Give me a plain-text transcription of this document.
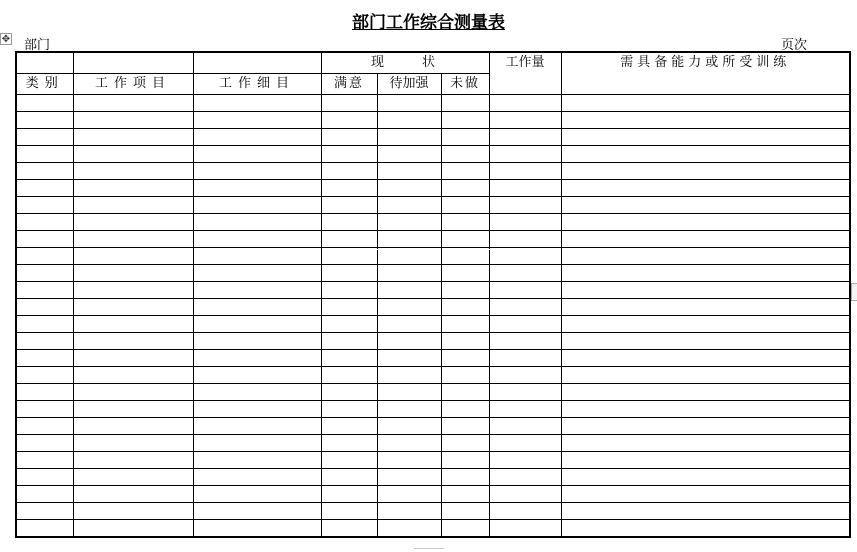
✥
部门工作综合测量表
部门	页次
			现　　状			工作量	需具备能力或所受训练
类别	工作项目	工作细目	满意	待加强	未做		
